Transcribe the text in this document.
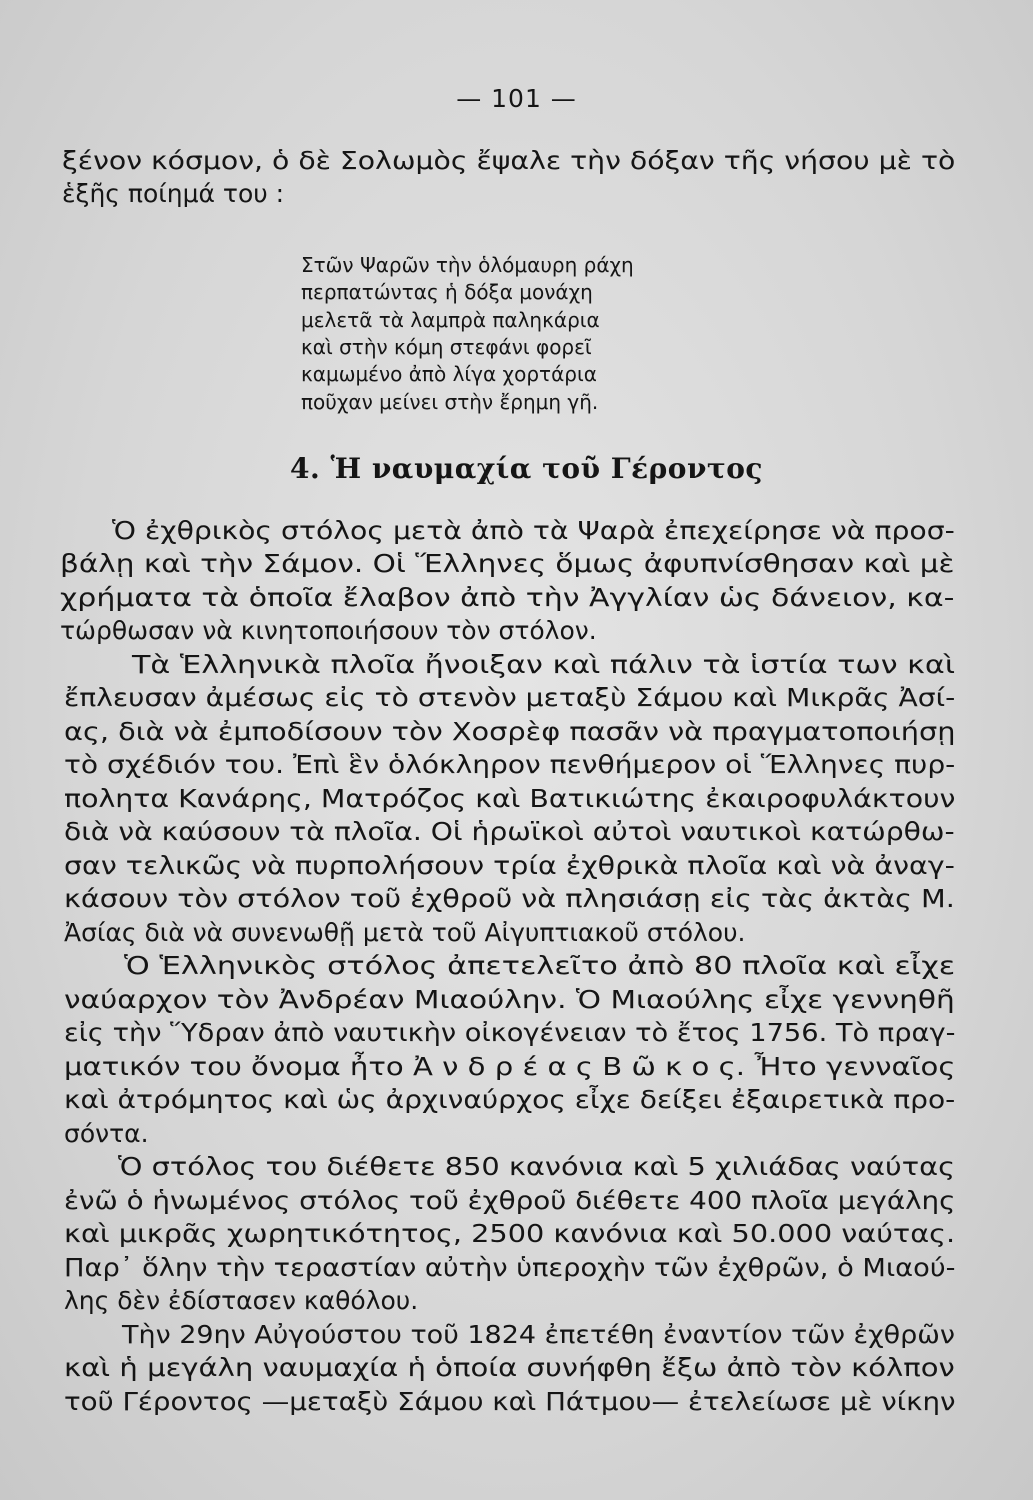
— 101 —
ξένον κόσμον, ὁ δὲ Σολωμὸς ἔψαλε τὴν δόξαν τῆς νήσου μὲ τὸ
ἑξῆς ποίημά του :
Στῶν Ψαρῶν τὴν ὁλόμαυρη ράχη
περπατώντας ἡ δόξα μονάχη
μελετᾶ τὰ λαμπρὰ παληκάρια
καὶ στὴν κόμη στεφάνι φορεῖ
καμωμένο ἀπὸ λίγα χορτάρια
ποῦχαν μείνει στὴν ἔρημη γῆ.
4. Ἡ ναυμαχία τοῦ Γέροντος
Ὁ ἐχθρικὸς στόλος μετὰ ἀπὸ τὰ Ψαρὰ ἐπεχείρησε νὰ προσ-
βάλῃ καὶ τὴν Σάμον. Οἱ Ἕλληνες ὅμως ἀφυπνίσθησαν καὶ μὲ
χρήματα τὰ ὁποῖα ἔλαβον ἀπὸ τὴν Ἀγγλίαν ὡς δάνειον, κα-
τώρθωσαν νὰ κινητοποιήσουν τὸν στόλον.
Τὰ Ἑλληνικὰ πλοῖα ἤνοιξαν καὶ πάλιν τὰ ἱστία των καὶ
ἔπλευσαν ἀμέσως εἰς τὸ στενὸν μεταξὺ Σάμου καὶ Μικρᾶς Ἀσί-
ας, διὰ νὰ ἐμποδίσουν τὸν Χοσρὲφ πασᾶν νὰ πραγματοποιήσῃ
τὸ σχέδιόν του. Ἐπὶ ἓν ὁλόκληρον πενθήμερον οἱ Ἕλληνες πυρ-
πολητα Κανάρης, Ματρόζος καὶ Βατικιώτης ἐκαιροφυλάκτουν
διὰ νὰ καύσουν τὰ πλοῖα. Οἱ ἡρωϊκοὶ αὐτοὶ ναυτικοὶ κατώρθω-
σαν τελικῶς νὰ πυρπολήσουν τρία ἐχθρικὰ πλοῖα καὶ νὰ ἀναγ-
κάσουν τὸν στόλον τοῦ ἐχθροῦ νὰ πλησιάσῃ εἰς τὰς ἀκτὰς Μ.
Ἀσίας διὰ νὰ συνενωθῇ μετὰ τοῦ Αἰγυπτιακοῦ στόλου.
Ὁ Ἑλληνικὸς στόλος ἀπετελεῖτο ἀπὸ 80 πλοῖα καὶ εἶχε
ναύαρχον τὸν Ἀνδρέαν Μιαούλην. Ὁ Μιαούλης εἶχε γεννηθῆ
εἰς τὴν Ὕδραν ἀπὸ ναυτικὴν οἰκογένειαν τὸ ἔτος 1756. Τὸ πραγ-
ματικόν του ὄνομα ἦτο Ἀ ν δ ρ έ α ς Β ῶ κ ο ς. Ἦτο γενναῖος
καὶ ἀτρόμητος καὶ ὡς ἀρχιναύρχος εἶχε δείξει ἐξαιρετικὰ προ-
σόντα.
Ὁ στόλος του διέθετε 850 κανόνια καὶ 5 χιλιάδας ναύτας
ἐνῶ ὁ ἡνωμένος στόλος τοῦ ἐχθροῦ διέθετε 400 πλοῖα μεγάλης
καὶ μικρᾶς χωρητικότητος, 2500 κανόνια καὶ 50.000 ναύτας.
Παρ᾽ ὅλην τὴν τεραστίαν αὐτὴν ὑπεροχὴν τῶν ἐχθρῶν, ὁ Μιαού-
λης δὲν ἐδίστασεν καθόλου.
Τὴν 29ην Αὐγούστου τοῦ 1824 ἐπετέθη ἐναντίον τῶν ἐχθρῶν
καὶ ἡ μεγάλη ναυμαχία ἡ ὁποία συνήφθη ἔξω ἀπὸ τὸν κόλπον
τοῦ Γέροντος —μεταξὺ Σάμου καὶ Πάτμου— ἐτελείωσε μὲ νίκην
